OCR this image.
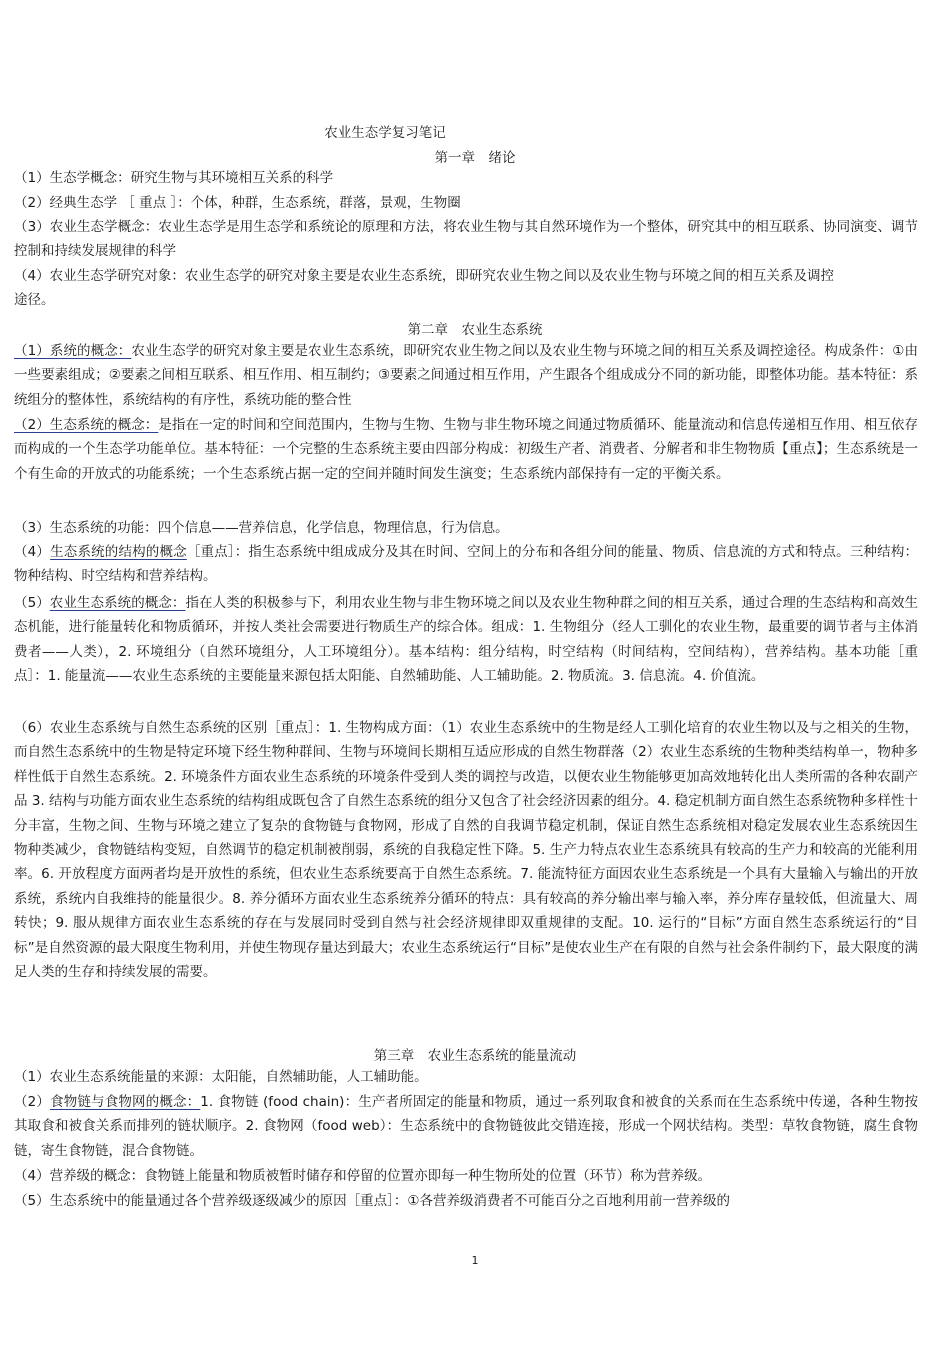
农业生态学复习笔记
第一章　绪论
（1）生态学概念：研究生物与其环境相互关系的科学
（2）经典生态学 ［ 重点 ］：个体，种群，生态系统，群落，景观，生物圈
（3）农业生态学概念：农业生态学是用生态学和系统论的原理和方法，将农业生物与其自然环境作为一个整体，研究其中的相互联系、协同演变、调节控制和持续发展规律的科学
（4）农业生态学研究对象：农业生态学的研究对象主要是农业生态系统，即研究农业生物之间以及农业生物与环境之间的相互关系及调控途径。
第二章　农业生态系统
（1）系统的概念：农业生态学的研究对象主要是农业生态系统，即研究农业生物之间以及农业生物与环境之间的相互关系及调控途径。构成条件：①由一些要素组成；②要素之间相互联系、相互作用、相互制约；③要素之间通过相互作用，产生跟各个组成成分不同的新功能，即整体功能。基本特征：系统组分的整体性，系统结构的有序性，系统功能的整合性
（2）生态系统的概念：是指在一定的时间和空间范围内，生物与生物、生物与非生物环境之间通过物质循环、能量流动和信息传递相互作用、相互依存而构成的一个生态学功能单位。基本特征：一个完整的生态系统主要由四部分构成：初级生产者、消费者、分解者和非生物物质【重点】；生态系统是一个有生命的开放式的功能系统；一个生态系统占据一定的空间并随时间发生演变；生态系统内部保持有一定的平衡关系。
（3）生态系统的功能：四个信息——营养信息，化学信息，物理信息，行为信息。
（4）生态系统的结构的概念［重点］：指生态系统中组成成分及其在时间、空间上的分布和各组分间的能量、物质、信息流的方式和特点。三种结构：物种结构、时空结构和营养结构。
（5）农业生态系统的概念：指在人类的积极参与下，利用农业生物与非生物环境之间以及农业生物种群之间的相互关系，通过合理的生态结构和高效生态机能，进行能量转化和物质循环，并按人类社会需要进行物质生产的综合体。组成：1. 生物组分（经人工驯化的农业生物，最重要的调节者与主体消费者——人类），2. 环境组分（自然环境组分，人工环境组分）。基本结构：组分结构，时空结构（时间结构，空间结构），营养结构。基本功能［重点］：1. 能量流——农业生态系统的主要能量来源包括太阳能、自然辅助能、人工辅助能。2. 物质流。3. 信息流。4. 价值流。
（6）农业生态系统与自然生态系统的区别［重点］：1. 生物构成方面：（1）农业生态系统中的生物是经人工驯化培育的农业生物以及与之相关的生物，而自然生态系统中的生物是特定环境下经生物种群间、生物与环境间长期相互适应形成的自然生物群落（2）农业生态系统的生物种类结构单一，物种多样性低于自然生态系统。2. 环境条件方面农业生态系统的环境条件受到人类的调控与改造，以便农业生物能够更加高效地转化出人类所需的各种农副产品 3. 结构与功能方面农业生态系统的结构组成既包含了自然生态系统的组分又包含了社会经济因素的组分。4. 稳定机制方面自然生态系统物种多样性十分丰富，生物之间、生物与环境之建立了复杂的食物链与食物网，形成了自然的自我调节稳定机制，保证自然生态系统相对稳定发展农业生态系统因生物种类减少，食物链结构变短，自然调节的稳定机制被削弱，系统的自我稳定性下降。5. 生产力特点农业生态系统具有较高的生产力和较高的光能利用率。6. 开放程度方面两者均是开放性的系统，但农业生态系统要高于自然生态系统。7. 能流特征方面因农业生态系统是一个具有大量输入与输出的开放系统，系统内自我维持的能量很少。8. 养分循环方面农业生态系统养分循环的特点：具有较高的养分输出率与输入率，养分库存量较低，但流量大、周转快；9. 服从规律方面农业生态系统的存在与发展同时受到自然与社会经济规律即双重规律的支配。10. 运行的“目标”方面自然生态系统运行的“目标”是自然资源的最大限度生物利用，并使生物现存量达到最大；农业生态系统运行“目标”是使农业生产在有限的自然与社会条件制约下，最大限度的满足人类的生存和持续发展的需要。
第三章　农业生态系统的能量流动
（1）农业生态系统能量的来源：太阳能，自然辅助能，人工辅助能。
（2）食物链与食物网的概念：1. 食物链 (food chain)：生产者所固定的能量和物质，通过一系列取食和被食的关系而在生态系统中传递，各种生物按其取食和被食关系而排列的链状顺序。2. 食物网（food web）：生态系统中的食物链彼此交错连接，形成一个网状结构。类型：草牧食物链，腐生食物链，寄生食物链，混合食物链。
（4）营养级的概念：食物链上能量和物质被暂时储存和停留的位置亦即每一种生物所处的位置（环节）称为营养级。
（5）生态系统中的能量通过各个营养级逐级减少的原因［重点］：①各营养级消费者不可能百分之百地利用前一营养级的
1
